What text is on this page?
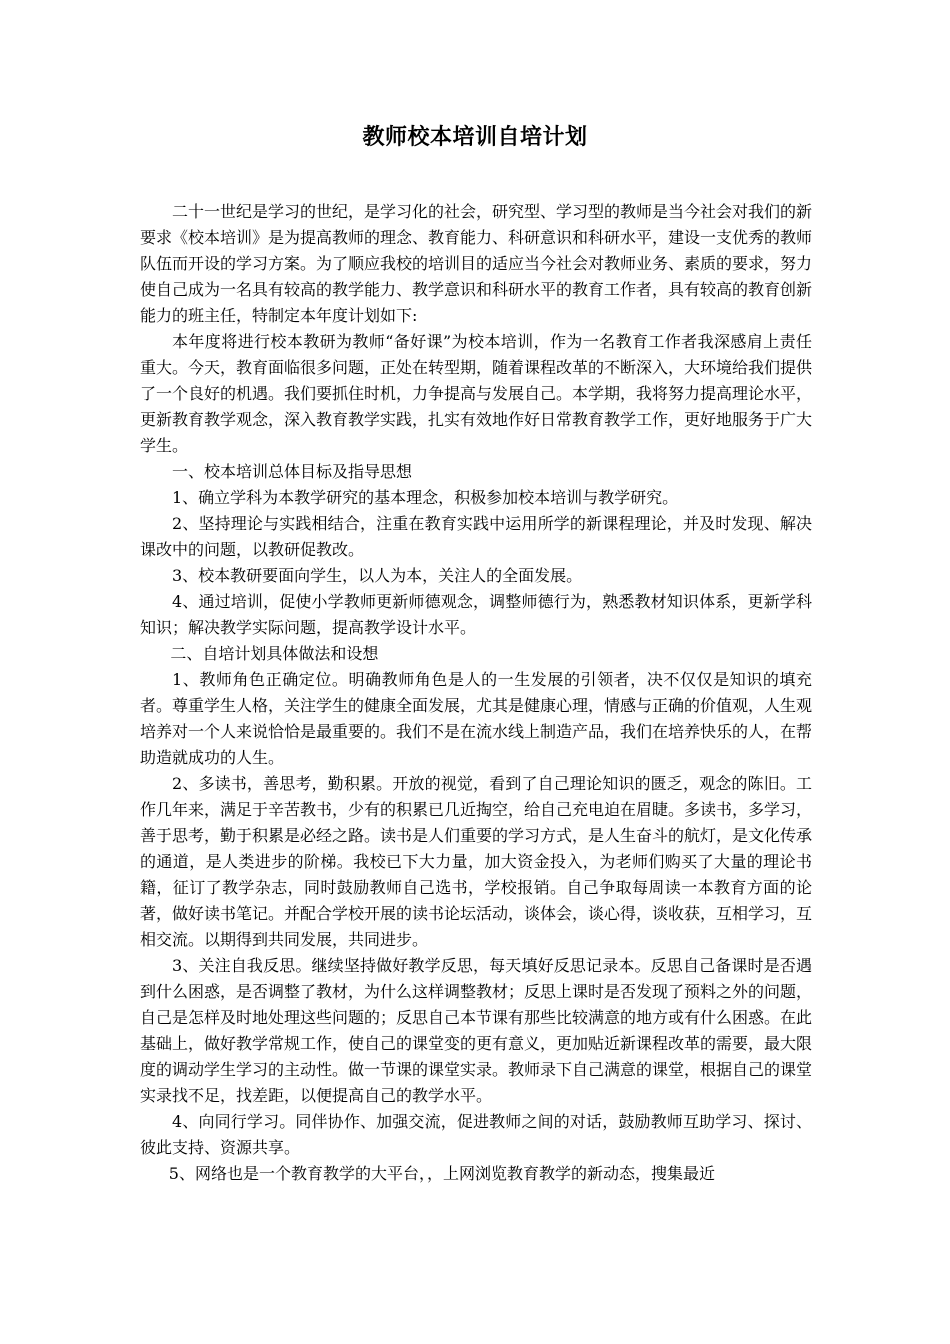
教师校本培训自培计划

二十一世纪是学习的世纪，是学习化的社会，研究型、学习型的教师是当今社会对我们的新要求《校本培训》是为提高教师的理念、教育能力、科研意识和科研水平，建设一支优秀的教师队伍而开设的学习方案。为了顺应我校的培训目的适应当今社会对教师业务、素质的要求，努力使自己成为一名具有较高的教学能力、教学意识和科研水平的教育工作者，具有较高的教育创新能力的班主任，特制定本年度计划如下:

本年度将进行校本教研为教师“备好课”为校本培训，作为一名教育工作者我深感肩上责任重大。今天，教育面临很多问题，正处在转型期，随着课程改革的不断深入，大环境给我们提供了一个良好的机遇。我们要抓住时机，力争提高与发展自己。本学期，我将努力提高理论水平，更新教育教学观念，深入教育教学实践，扎实有效地作好日常教育教学工作，更好地服务于广大学生。

一、校本培训总体目标及指导思想

1、确立学科为本教学研究的基本理念，积极参加校本培训与教学研究。

2、坚持理论与实践相结合，注重在教育实践中运用所学的新课程理论，并及时发现、解决课改中的问题，以教研促教改。

3、校本教研要面向学生，以人为本，关注人的全面发展。

4、通过培训，促使小学教师更新师德观念，调整师德行为，熟悉教材知识体系，更新学科知识；解决教学实际问题，提高教学设计水平。

二、自培计划具体做法和设想

1、教师角色正确定位。明确教师角色是人的一生发展的引领者，决不仅仅是知识的填充者。尊重学生人格，关注学生的健康全面发展，尤其是健康心理，情感与正确的价值观，人生观培养对一个人来说恰恰是最重要的。我们不是在流水线上制造产品，我们在培养快乐的人，在帮助造就成功的人生。

2、多读书，善思考，勤积累。开放的视觉，看到了自己理论知识的匮乏，观念的陈旧。工作几年来，满足于辛苦教书，少有的积累已几近掏空，给自己充电迫在眉睫。多读书，多学习，善于思考，勤于积累是必经之路。读书是人们重要的学习方式，是人生奋斗的航灯，是文化传承的通道，是人类进步的阶梯。我校已下大力量，加大资金投入，为老师们购买了大量的理论书籍，征订了教学杂志，同时鼓励教师自己选书，学校报销。自己争取每周读一本教育方面的论著，做好读书笔记。并配合学校开展的读书论坛活动，谈体会，谈心得，谈收获，互相学习，互相交流。以期得到共同发展，共同进步。

3、关注自我反思。继续坚持做好教学反思，每天填好反思记录本。反思自己备课时是否遇到什么困惑，是否调整了教材，为什么这样调整教材；反思上课时是否发现了预料之外的问题，自己是怎样及时地处理这些问题的；反思自己本节课有那些比较满意的地方或有什么困惑。在此基础上，做好教学常规工作，使自己的课堂变的更有意义，更加贴近新课程改革的需要，最大限度的调动学生学习的主动性。做一节课的课堂实录。教师录下自己满意的课堂，根据自己的课堂实录找不足，找差距，以便提高自己的教学水平。

4、向同行学习。同伴协作、加强交流，促进教师之间的对话，鼓励教师互助学习、探讨、彼此支持、资源共享。

5、网络也是一个教育教学的大平台，，上网浏览教育教学的新动态，搜集最近
